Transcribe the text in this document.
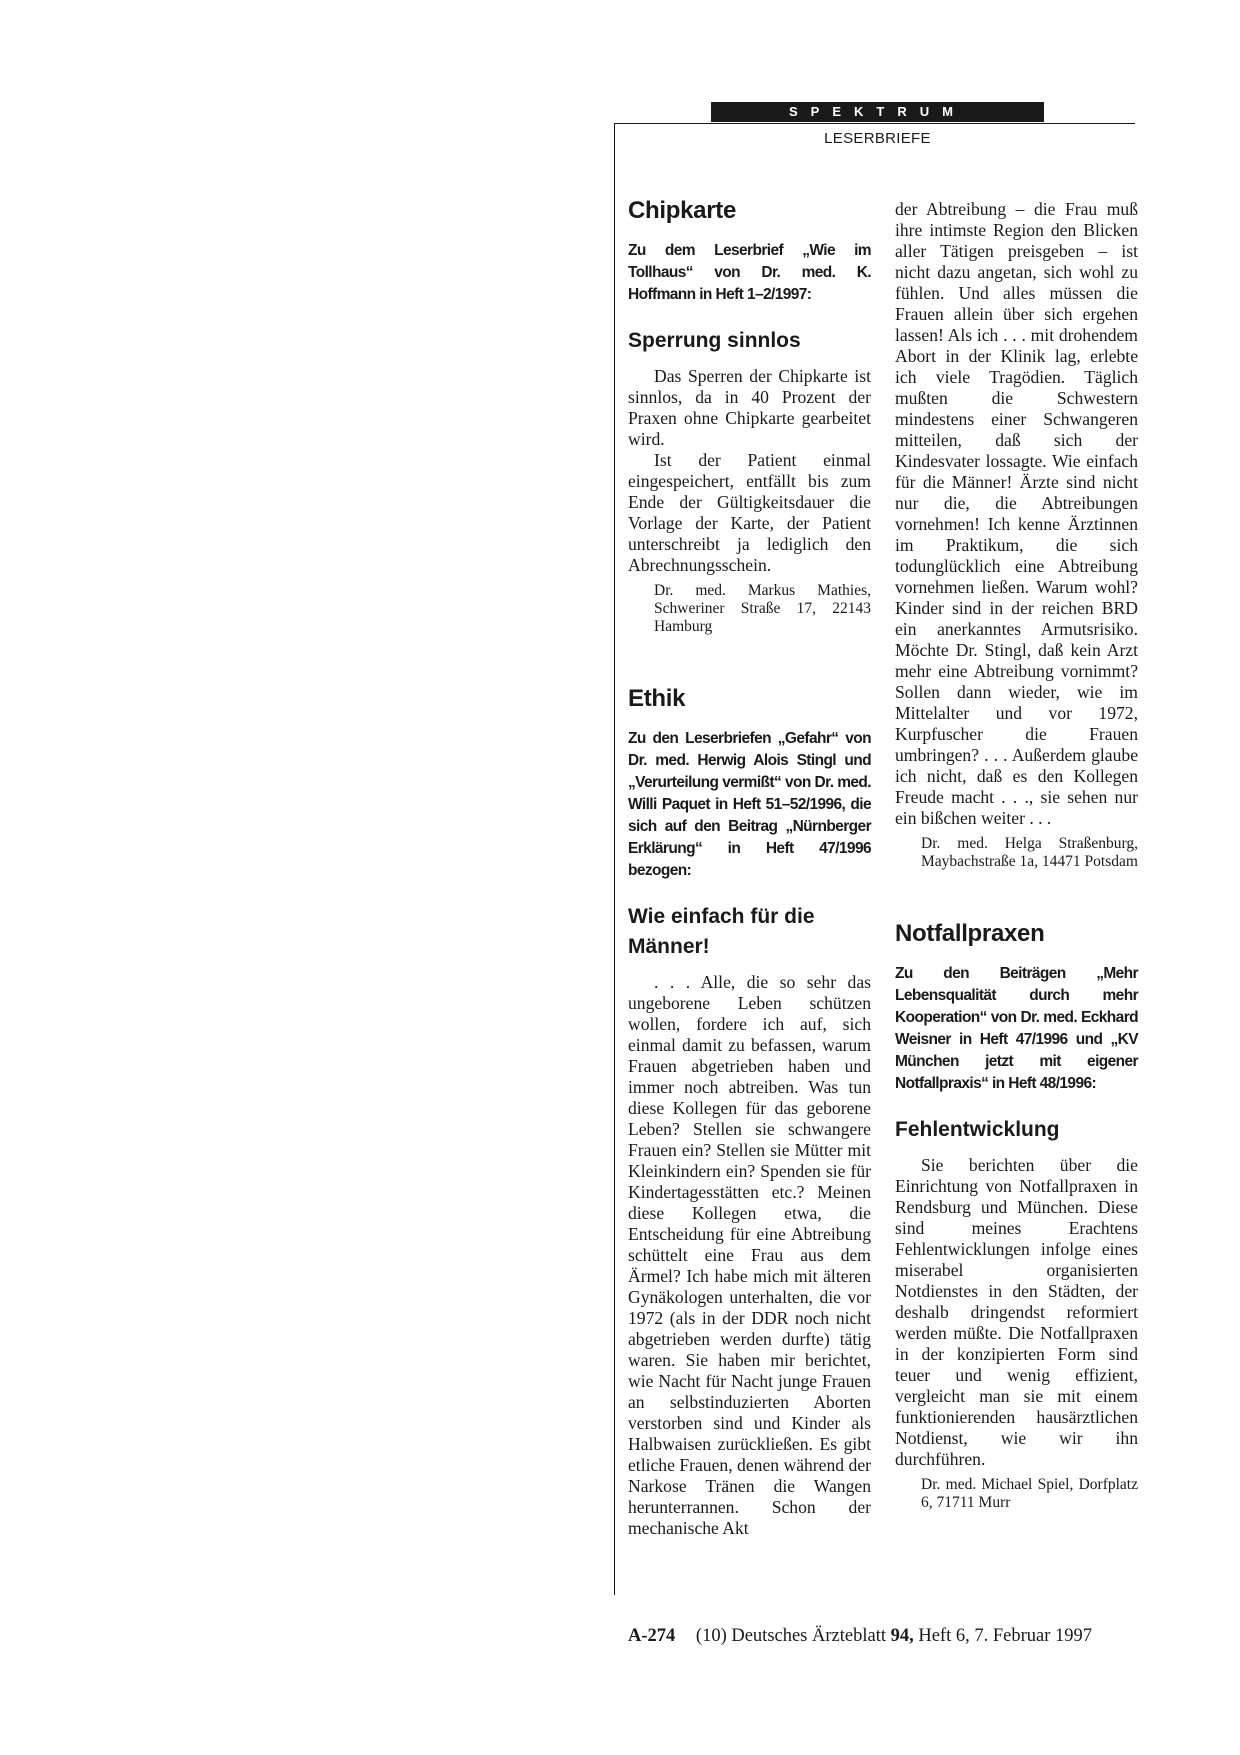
SPEKTRUM
LESERBRIEFE
Chipkarte
Zu dem Leserbrief „Wie im Tollhaus“ von Dr. med. K. Hoffmann in Heft 1–2/1997:
Sperrung sinnlos

Das Sperren der Chipkarte ist sinnlos, da in 40 Prozent der Praxen ohne Chipkarte gearbeitet wird.

Ist der Patient einmal eingespeichert, entfällt bis zum Ende der Gültigkeitsdauer die Vorlage der Karte, der Patient unterschreibt ja lediglich den Abrechnungsschein.

Dr. med. Markus Mathies, Schweriner Straße 17, 22143 Hamburg
Ethik
Zu den Leserbriefen „Gefahr“ von Dr. med. Herwig Alois Stingl und „Verurteilung vermißt“ von Dr. med. Willi Paquet in Heft 51–52/1996, die sich auf den Beitrag „Nürnberger Erklärung“ in Heft 47/1996 bezogen:
Wie einfach für die Männer!

. . . Alle, die so sehr das ungeborene Leben schützen wollen, fordere ich auf, sich einmal damit zu befassen, warum Frauen abgetrieben haben und immer noch abtreiben. Was tun diese Kollegen für das geborene Leben? Stellen sie schwangere Frauen ein? Stellen sie Mütter mit Kleinkindern ein? Spenden sie für Kindertagesstätten etc.? Meinen diese Kollegen etwa, die Entscheidung für eine Abtreibung schüttelt eine Frau aus dem Ärmel? Ich habe mich mit älteren Gynäkologen unterhalten, die vor 1972 (als in der DDR noch nicht abgetrieben werden durfte) tätig waren. Sie haben mir berichtet, wie Nacht für Nacht junge Frauen an selbstinduzierten Aborten verstorben sind und Kinder als Halbwaisen zurückließen. Es gibt etliche Frauen, denen während der Narkose Tränen die Wangen herunterrannen. Schon der mechanische Akt

der Abtreibung – die Frau muß ihre intimste Region den Blicken aller Tätigen preisgeben – ist nicht dazu angetan, sich wohl zu fühlen. Und alles müssen die Frauen allein über sich ergehen lassen! Als ich . . . mit drohendem Abort in der Klinik lag, erlebte ich viele Tragödien. Täglich mußten die Schwestern mindestens einer Schwangeren mitteilen, daß sich der Kindesvater lossagte. Wie einfach für die Männer! Ärzte sind nicht nur die, die Abtreibungen vornehmen! Ich kenne Ärztinnen im Praktikum, die sich todunglücklich eine Abtreibung vornehmen ließen. Warum wohl? Kinder sind in der reichen BRD ein anerkanntes Armutsrisiko. Möchte Dr. Stingl, daß kein Arzt mehr eine Abtreibung vornimmt? Sollen dann wieder, wie im Mittelalter und vor 1972, Kurpfuscher die Frauen umbringen? . . . Außerdem glaube ich nicht, daß es den Kollegen Freude macht . . ., sie sehen nur ein bißchen weiter . . .

Dr. med. Helga Straßenburg, Maybachstraße 1a, 14471 Potsdam
Notfallpraxen
Zu den Beiträgen „Mehr Lebensqualität durch mehr Kooperation“ von Dr. med. Eckhard Weisner in Heft 47/1996 und „KV München jetzt mit eigener Notfallpraxis“ in Heft 48/1996:
Fehlentwicklung

Sie berichten über die Einrichtung von Notfallpraxen in Rendsburg und München. Diese sind meines Erachtens Fehlentwicklungen infolge eines miserabel organisierten Notdienstes in den Städten, der deshalb dringendst reformiert werden müßte. Die Notfallpraxen in der konzipierten Form sind teuer und wenig effizient, vergleicht man sie mit einem funktionierenden hausärztlichen Notdienst, wie wir ihn durchführen.

Dr. med. Michael Spiel, Dorfplatz 6, 71711 Murr
A-274 (10) Deutsches Ärzteblatt 94, Heft 6, 7. Februar 1997
